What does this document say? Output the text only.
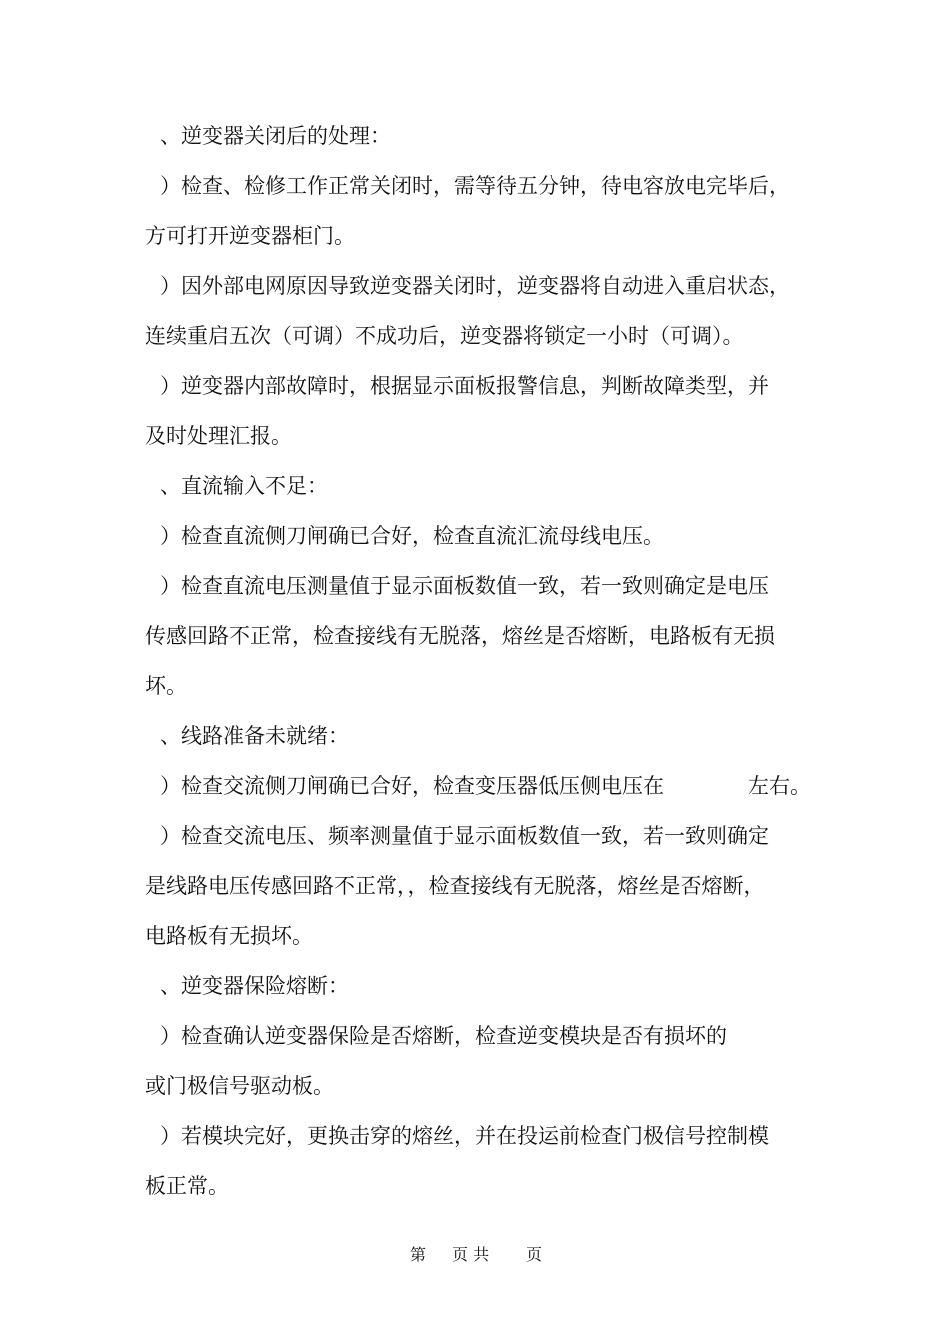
、逆变器关闭后的处理：
）检查、检修工作正常关闭时，需等待五分钟，待电容放电完毕后，
方可打开逆变器柜门。
）因外部电网原因导致逆变器关闭时，逆变器将自动进入重启状态，
连续重启五次（可调）不成功后，逆变器将锁定一小时（可调）。
）逆变器内部故障时，根据显示面板报警信息，判断故障类型，并
及时处理汇报。
、直流输入不足：
）检查直流侧刀闸确已合好，检查直流汇流母线电压。
）检查直流电压测量值于显示面板数值一致，若一致则确定是电压
传感回路不正常，检查接线有无脱落，熔丝是否熔断，电路板有无损
坏。
、线路准备未就绪：
）检查交流侧刀闸确已合好，检查变压器低压侧电压在	左右。
）检查交流电压、频率测量值于显示面板数值一致，若一致则确定
是线路电压传感回路不正常，，检查接线有无脱落，熔丝是否熔断，
电路板有无损坏。
、逆变器保险熔断：
）检查确认逆变器保险是否熔断，检查逆变模块是否有损坏的
或门极信号驱动板。
）若模块完好，更换击穿的熔丝，并在投运前检查门极信号控制模
板正常。
第 页 共 页
